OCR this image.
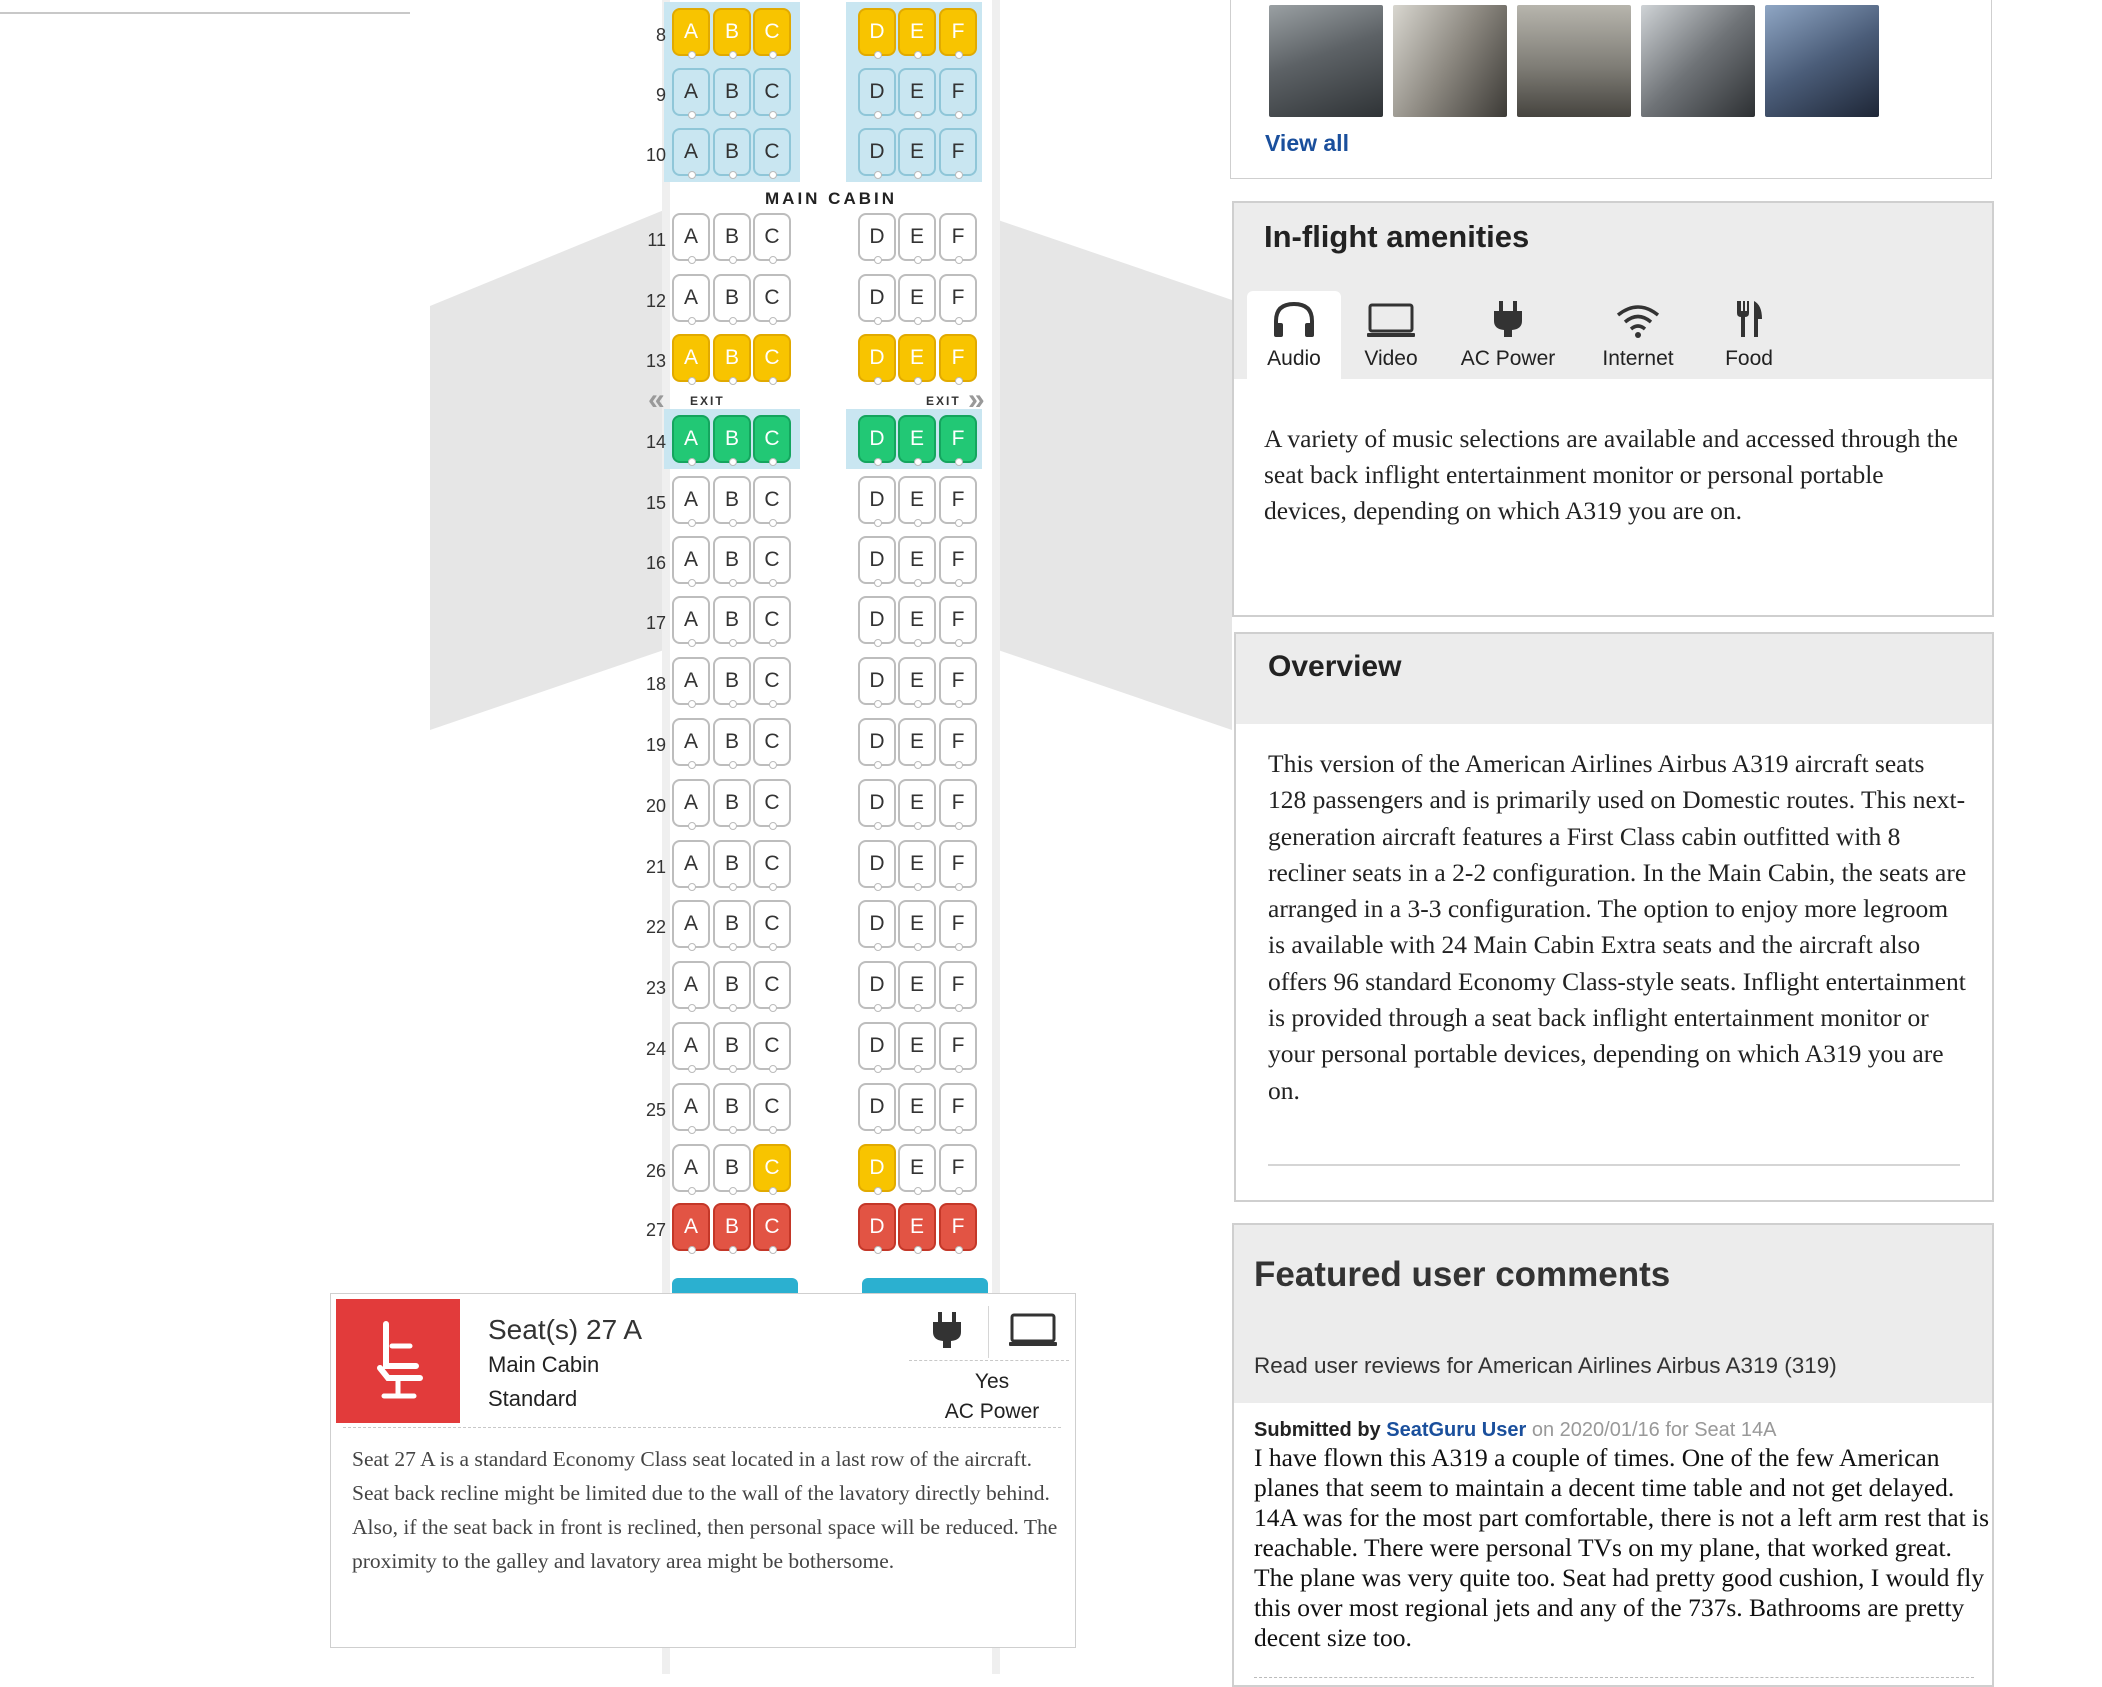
8 A	B	C	D	E	F
9 A	B	C	D	E	F
10 A	B	C	D	E	F
11 A	B	C	D	E	F
12 A	B	C	D	E	F
13 A	B	C	D	E	F
14 A	B	C	D	E	F
15 A	B	C	D	E	F
16 A	B	C	D	E	F
17 A	B	C	D	E	F
18 A	B	C	D	E	F
19 A	B	C	D	E	F
20 A	B	C	D	E	F
21 A	B	C	D	E	F
22 A	B	C	D	E	F
23 A	B	C	D	E	F
24 A	B	C	D	E	F
25 A	B	C	D	E	F
26 A	B	C	D	E	F
27 A	B	C	D	E	F
MAIN CABIN
« EXIT	EXIT »
Seat(s) 27 A
Main Cabin
Standard
Yes
AC Power
Seat 27 A is a standard Economy Class seat located in a last row of the aircraft. Seat back recline might be limited due to the wall of the lavatory directly behind. Also, if the seat back in front is reclined, then personal space will be reduced. The proximity to the galley and lavatory area might be bothersome.
View all
In-flight amenities
Audio	Video	AC Power	Internet	Food
A variety of music selections are available and accessed through the seat back inflight entertainment monitor or personal portable devices, depending on which A319 you are on.
Overview
This version of the American Airlines Airbus A319 aircraft seats 128 passengers and is primarily used on Domestic routes. This next-generation aircraft features a First Class cabin outfitted with 8 recliner seats in a 2-2 configuration. In the Main Cabin, the seats are arranged in a 3-3 configuration. The option to enjoy more legroom is available with 24 Main Cabin Extra seats and the aircraft also offers 96 standard Economy Class-style seats. Inflight entertainment is provided through a seat back inflight entertainment monitor or your personal portable devices, depending on which A319 you are on.
Featured user comments
Read user reviews for American Airlines Airbus A319 (319)
Submitted by SeatGuru User on 2020/01/16 for Seat 14A
I have flown this A319 a couple of times. One of the few American planes that seem to maintain a decent time table and not get delayed. 14A was for the most part comfortable, there is not a left arm rest that is reachable. There were personal TVs on my plane, that worked great. The plane was very quite too. Seat had pretty good cushion, I would fly this over most regional jets and any of the 737s. Bathrooms are pretty decent size too.
